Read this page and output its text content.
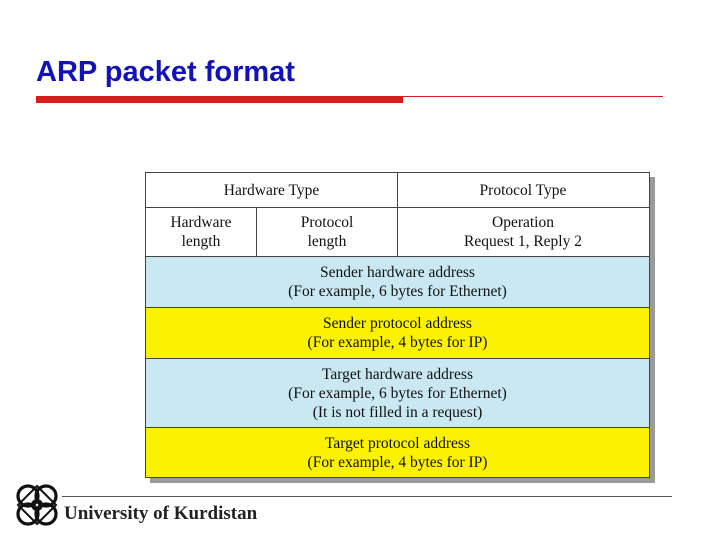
ARP packet format
Hardware Type	Protocol Type
Hardware
length
Protocol
length
Operation
Request 1, Reply 2
Sender hardware address
(For example, 6 bytes for Ethernet)
Sender protocol address
(For example, 4 bytes for IP)
Target hardware address
(For example, 6 bytes for Ethernet)
(It is not filled in a request)
Target protocol address
(For example, 4 bytes for IP)
University of Kurdistan
